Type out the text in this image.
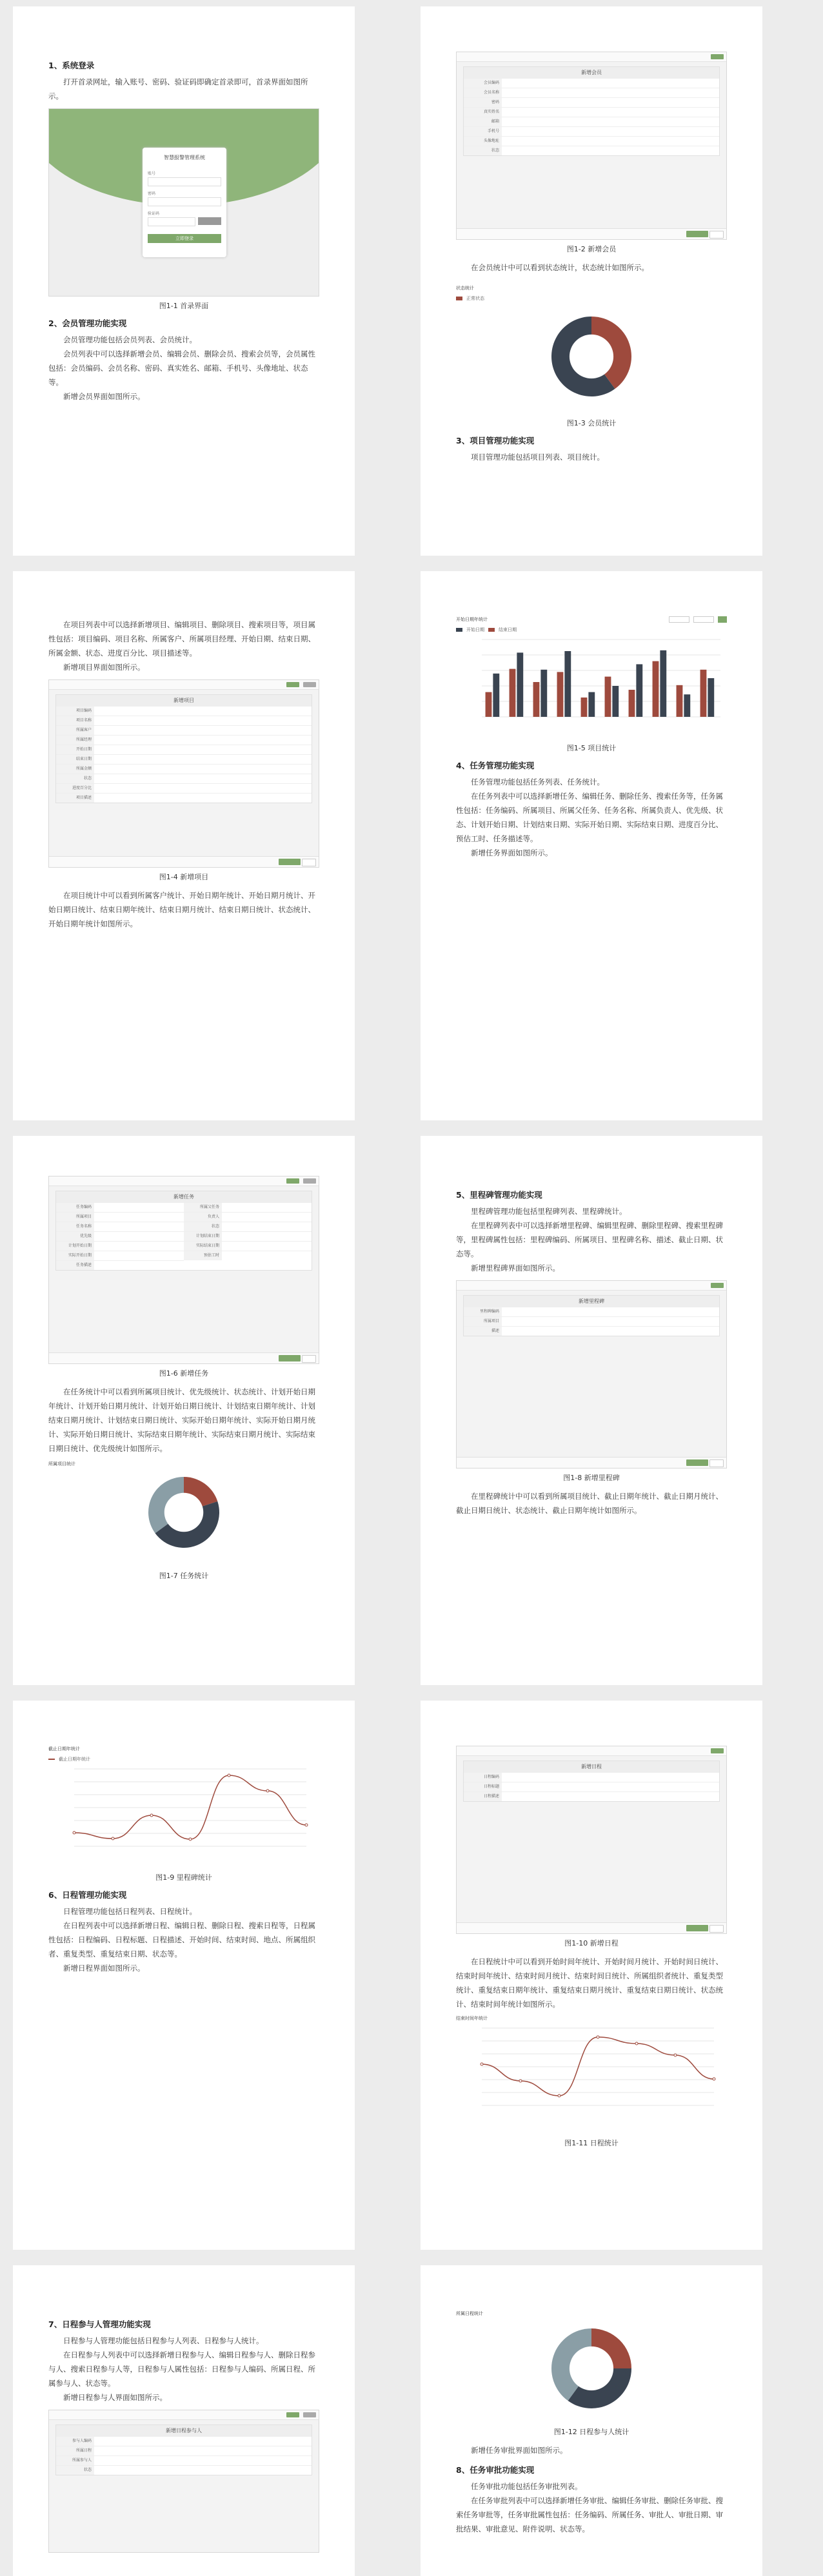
1、系统登录

打开首录网址，输入账号、密码、验证码即确定首录即可，首录界面如图所示。

智慧报警管理系统
账号
密码
验证码
立即登录
图1-1 首录界面
2、会员管理功能实现

会员管理功能包括会员列表、会员统计。

会员列表中可以选择新增会员、编辑会员、删除会员、搜索会员等，会员属性包括：会员编码、会员名称、密码、真实姓名、邮箱、手机号、头像地址、状态等。

新增会员界面如图所示。

新增会员
会员编码
会员名称
密码
真实姓名
邮箱
手机号
头像地址
状态
图1-2 新增会员

在会员统计中可以看到状态统计，状态统计如图所示。

状态统计
正常状态
图1-3 会员统计
3、项目管理功能实现

项目管理功能包括项目列表、项目统计。

在项目列表中可以选择新增项目、编辑项目、删除项目、搜索项目等，项目属性包括：项目编码、项目名称、所属客户、所属项目经理、开始日期、结束日期、所属金额、状态、进度百分比、项目描述等。

新增项目界面如图所示。

新增项目
项目编码
项目名称
所属客户
所属经理
开始日期
结束日期
所属金额
状态
进度百分比
项目描述
图1-4 新增项目

在项目统计中可以看到所属客户统计、开始日期年统计、开始日期月统计、开始日期日统计、结束日期年统计、结束日期月统计、结束日期日统计、状态统计、开始日期年统计如图所示。

开始日期年统计
开始日期	结束日期
图1-5 项目统计
4、任务管理功能实现

任务管理功能包括任务列表、任务统计。

在任务列表中可以选择新增任务、编辑任务、删除任务、搜索任务等，任务属性包括：任务编码、所属项目、所属父任务、任务名称、所属负责人、优先级、状态、计划开始日期、计划结束日期、实际开始日期、实际结束日期、进度百分比、预估工时、任务描述等。

新增任务界面如图所示。

新增任务
任务编码
所属项目
任务名称
优先级
计划开始日期
实际开始日期
任务描述
所属父任务
负责人
状态
计划结束日期
实际结束日期
预估工时
图1-6 新增任务

在任务统计中可以看到所属项目统计、优先级统计、状态统计、计划开始日期年统计、计划开始日期月统计、计划开始日期日统计、计划结束日期年统计、计划结束日期月统计、计划结束日期日统计、实际开始日期年统计、实际开始日期月统计、实际开始日期日统计、实际结束日期年统计、实际结束日期月统计、实际结束日期日统计、优先级统计如图所示。

所属项目统计
图1-7 任务统计
5、里程碑管理功能实现

里程碑管理功能包括里程碑列表、里程碑统计。

在里程碑列表中可以选择新增里程碑、编辑里程碑、删除里程碑、搜索里程碑等，里程碑属性包括：里程碑编码、所属项目、里程碑名称、描述、截止日期、状态等。

新增里程碑界面如图所示。

新增里程碑
里程碑编码
所属项目
描述
图1-8 新增里程碑

在里程碑统计中可以看到所属项目统计、截止日期年统计、截止日期月统计、截止日期日统计、状态统计、截止日期年统计如图所示。

截止日期年统计
截止日期年统计
图1-9 里程碑统计
6、日程管理功能实现

日程管理功能包括日程列表、日程统计。

在日程列表中可以选择新增日程、编辑日程、删除日程、搜索日程等，日程属性包括：日程编码、日程标题、日程描述、开始时间、结束时间、地点、所属组织者、重复类型、重复结束日期、状态等。

新增日程界面如图所示。

新增日程
日程编码
日程标题
日程描述
图1-10 新增日程

在日程统计中可以看到开始时间年统计、开始时间月统计、开始时间日统计、结束时间年统计、结束时间月统计、结束时间日统计、所属组织者统计、重复类型统计、重复结束日期年统计、重复结束日期月统计、重复结束日期日统计、状态统计、结束时间年统计如图所示。

结束时间年统计
图1-11 日程统计
7、日程参与人管理功能实现

日程参与人管理功能包括日程参与人列表、日程参与人统计。

在日程参与人列表中可以选择新增日程参与人、编辑日程参与人、删除日程参与人、搜索日程参与人等，日程参与人属性包括：日程参与人编码、所属日程、所属参与人、状态等。

新增日程参与人界面如图所示。

新增日程参与人
参与人编码
所属日程
所属参与人
状态
所属日程统计
图1-12 日程参与人统计

新增任务审批界面如图所示。

8、任务审批功能实现

任务审批功能包括任务审批列表。

在任务审批列表中可以选择新增任务审批、编辑任务审批、删除任务审批、搜索任务审批等，任务审批属性包括：任务编码、所属任务、审批人、审批日期、审批结果、审批意见、附件说明、状态等。
